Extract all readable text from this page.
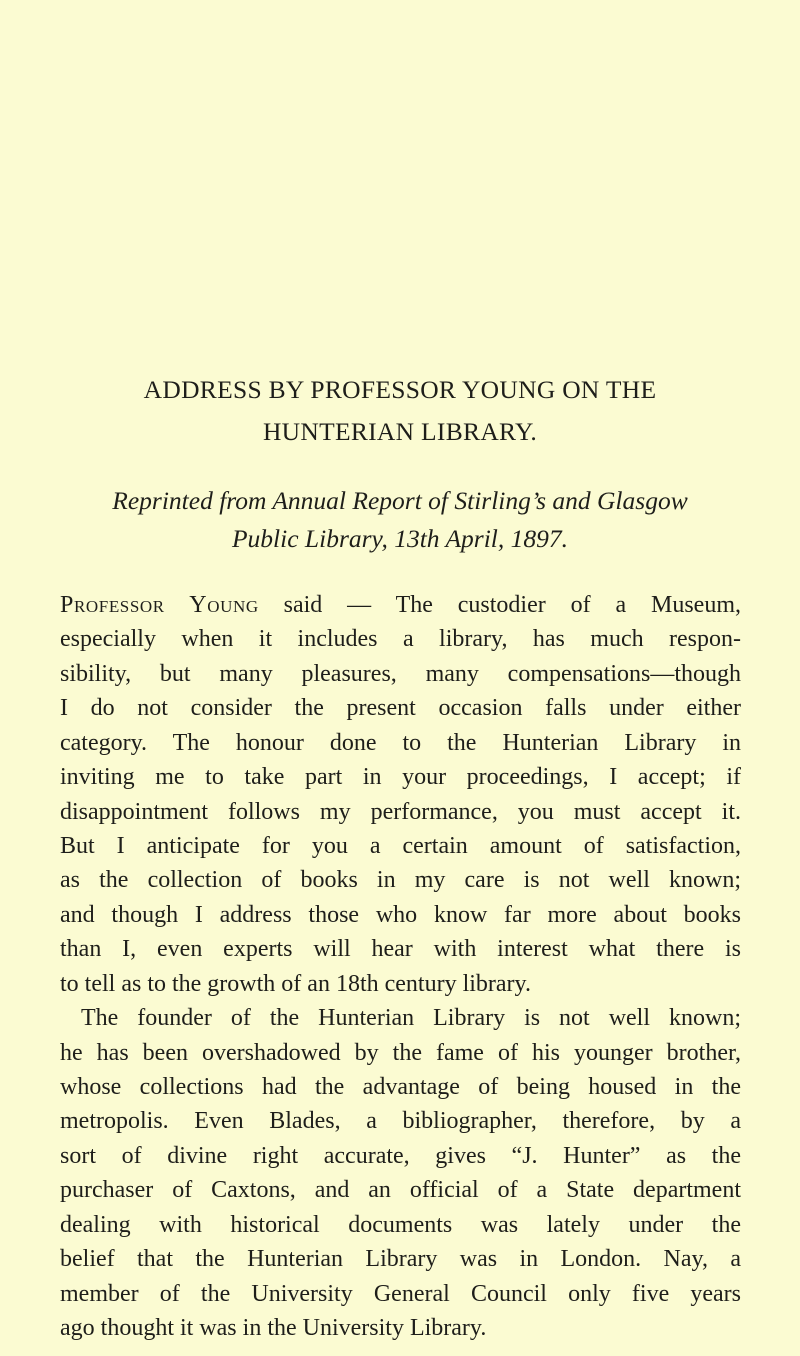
ADDRESS BY PROFESSOR YOUNG ON THE
HUNTERIAN LIBRARY.
Reprinted from Annual Report of Stirling’s and Glasgow
Public Library, 13th April, 1897.
Professor Young said — The custodier of a Museum,
especially when it includes a library, has much respon-
sibility, but many pleasures, many compensations—though
I do not consider the present occasion falls under either
category. The honour done to the Hunterian Library in
inviting me to take part in your proceedings, I accept; if
disappointment follows my performance, you must accept it.
But I anticipate for you a certain amount of satisfaction,
as the collection of books in my care is not well known;
and though I address those who know far more about books
than I, even experts will hear with interest what there is
to tell as to the growth of an 18th century library.
The founder of the Hunterian Library is not well known;
he has been overshadowed by the fame of his younger brother,
whose collections had the advantage of being housed in the
metropolis. Even Blades, a bibliographer, therefore, by a
sort of divine right accurate, gives “J. Hunter” as the
purchaser of Caxtons, and an official of a State department
dealing with historical documents was lately under the
belief that the Hunterian Library was in London. Nay, a
member of the University General Council only five years
ago thought it was in the University Library.
